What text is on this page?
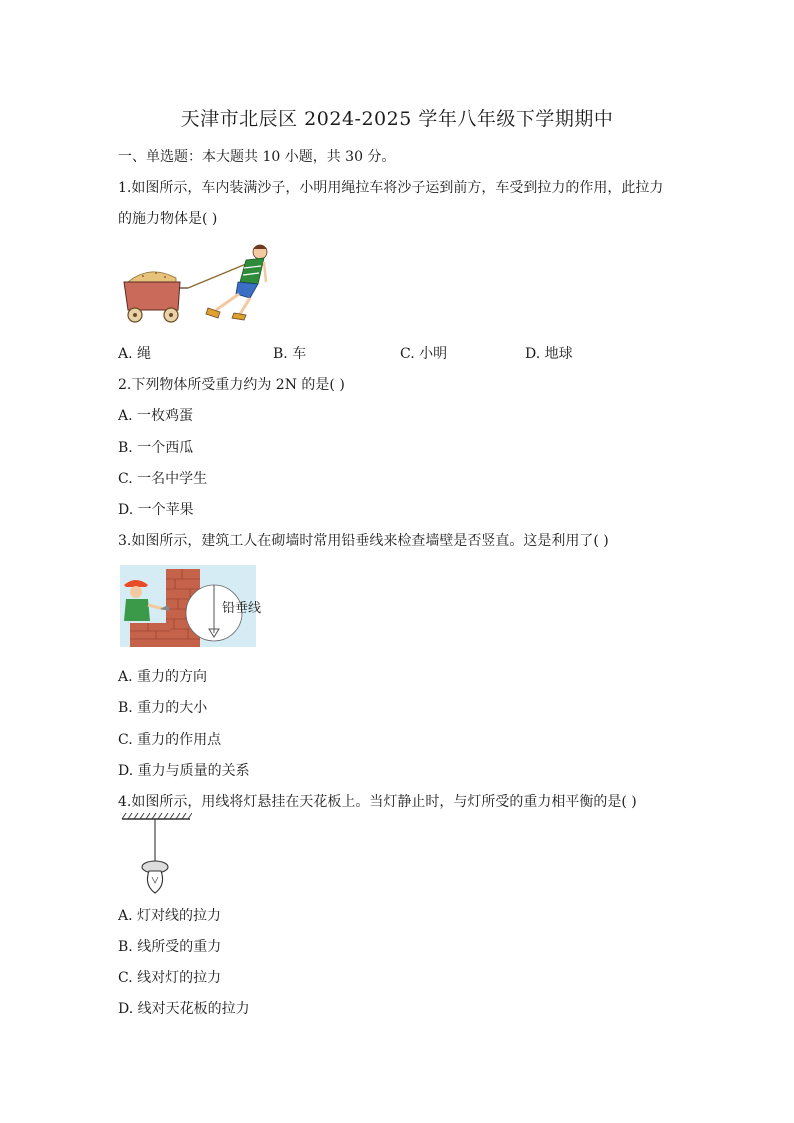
天津市北辰区 2024-2025 学年八年级下学期期中
一、单选题：本大题共 10 小题，共 30 分。
1.如图所示，车内装满沙子，小明用绳拉车将沙子运到前方，车受到拉力的作用，此拉力
的施力物体是( )
A. 绳	B. 车	C. 小明	D. 地球
2.下列物体所受重力约为 2N 的是( )
A. 一枚鸡蛋
B. 一个西瓜
C. 一名中学生
D. 一个苹果
3.如图所示，建筑工人在砌墙时常用铅垂线来检查墙壁是否竖直。这是利用了( )
铅垂线
A. 重力的方向
B. 重力的大小
C. 重力的作用点
D. 重力与质量的关系
4.如图所示，用线将灯悬挂在天花板上。当灯静止时，与灯所受的重力相平衡的是( )
A. 灯对线的拉力
B. 线所受的重力
C. 线对灯的拉力
D. 线对天花板的拉力
